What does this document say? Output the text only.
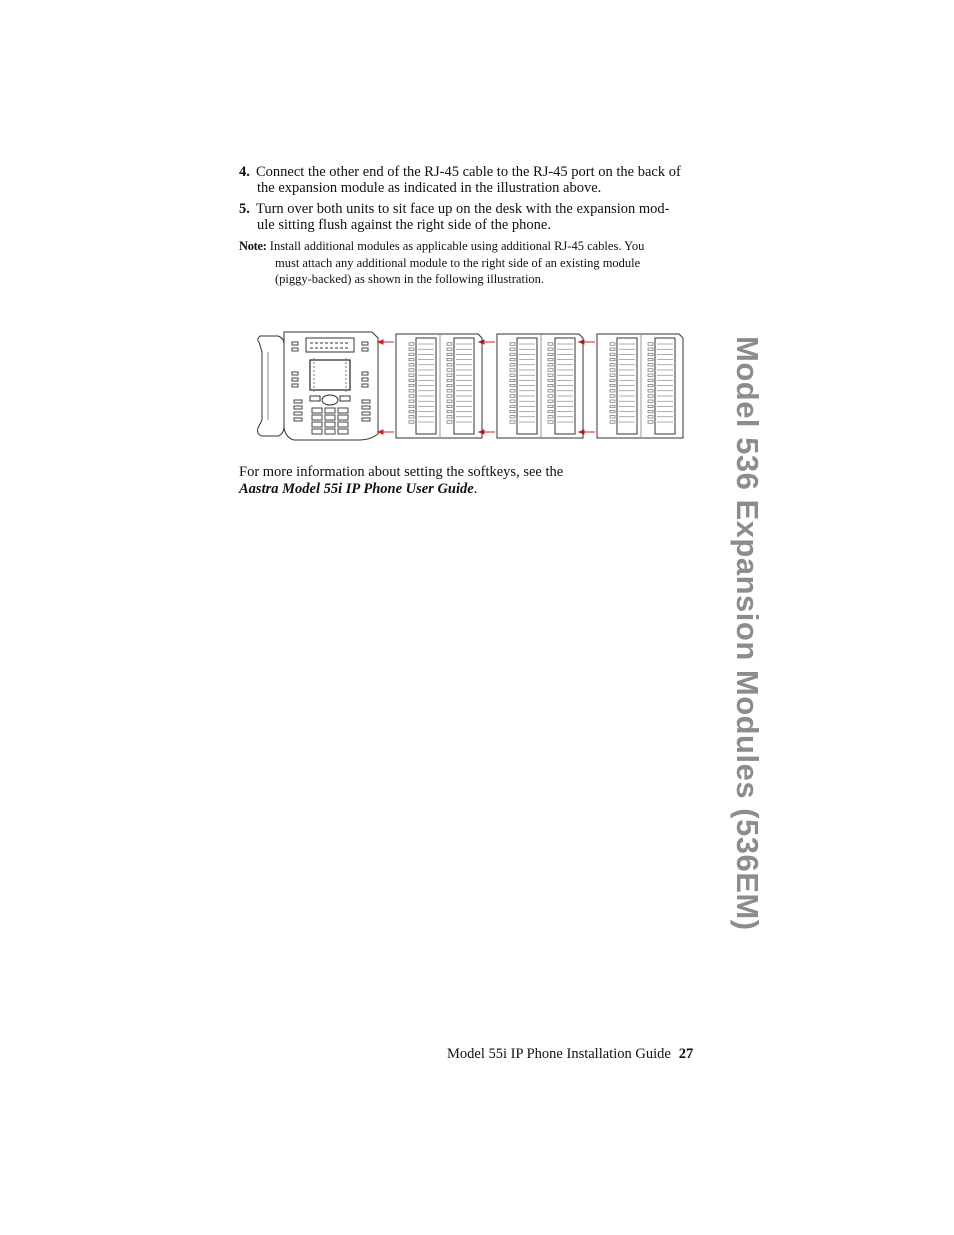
4. Connect the other end of the RJ-45 cable to the RJ-45 port on the back of
the expansion module as indicated in the illustration above.
5. Turn over both units to sit face up on the desk with the expansion mod-
ule sitting flush against the right side of the phone.
Note: Install additional modules as applicable using additional RJ-45 cables. You
must attach any additional module to the right side of an existing module
(piggy-backed) as shown in the following illustration.
For more information about setting the softkeys, see the
Aastra Model 55i IP Phone User Guide.	Model 536 Expansion Modules (536EM)
Model 55i IP Phone Installation Guide 27
